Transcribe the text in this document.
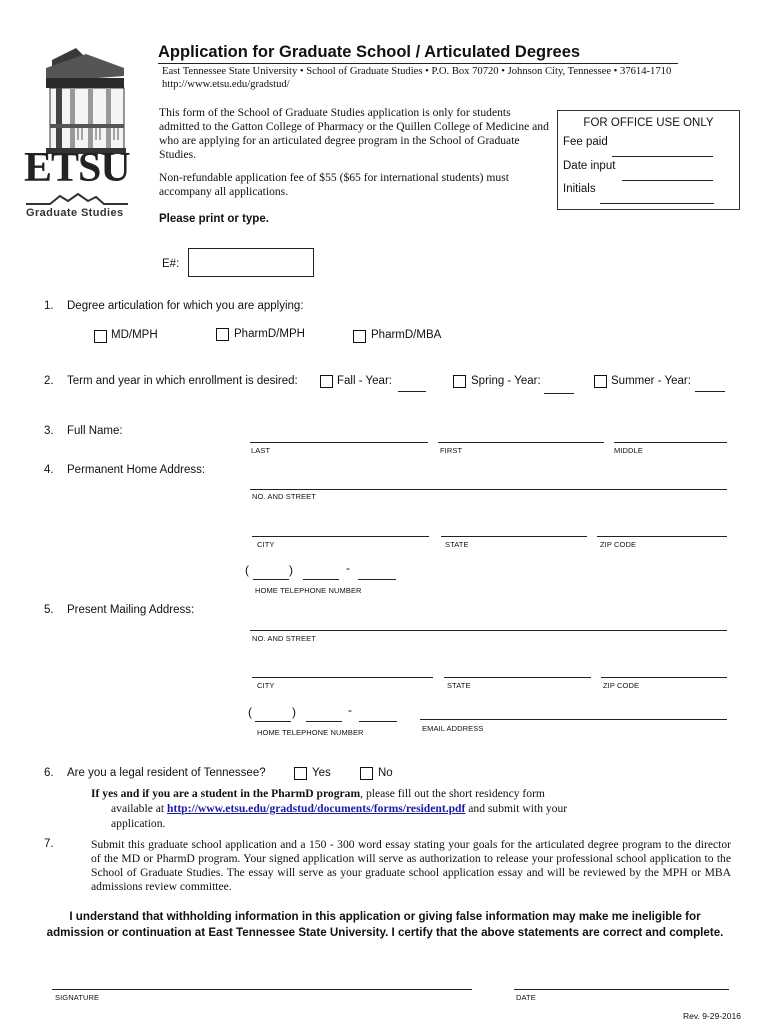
ETSU
Graduate Studies
Application for Graduate School / Articulated Degrees
East Tennessee State University • School of Graduate Studies • P.O. Box 70720 • Johnson City, Tennessee • 37614-1710
http://www.etsu.edu/gradstud/
This form of the School of Graduate Studies application is only for students admitted to the Gatton College of Pharmacy or the Quillen College of Medicine and who are applying for an articulated degree program in the School of Graduate Studies.
Non-refundable application fee of $55 ($65 for international students) must accompany all applications.
Please print or type.
FOR OFFICE USE ONLY
Fee paid
Date input
Initials
E#:
1. Degree articulation for which you are applying:
MD/MPH	PharmD/MPH	PharmD/MBA
2. Term and year in which enrollment is desired:	Fall - Year:	Spring - Year:	Summer - Year:
3. Full Name:
LAST	FIRST	MIDDLE
4. Permanent Home Address:
NO. AND STREET
CITY	STATE	ZIP CODE
(	)	-
HOME TELEPHONE NUMBER
5. Present Mailing Address:
NO. AND STREET
CITY	STATE	ZIP CODE
(	)	-
HOME TELEPHONE NUMBER	EMAIL ADDRESS
6. Are you a legal resident of Tennessee?	Yes	No
If yes and if you are a student in the PharmD program, please fill out the short residency form
available at http://www.etsu.edu/gradstud/documents/forms/resident.pdf and submit with your
application.
7.	Submit this graduate school application and a 150 - 300 word essay stating your goals for the articulated degree program to the director of the MD or PharmD program. Your signed application will serve as authorization to release your professional school application to the School of Graduate Studies. The essay will serve as your graduate school application essay and will be reviewed by the MPH or MBA admissions review committee.
I understand that withholding information in this application or giving false information may make me ineligible for
admission or continuation at East Tennessee State University. I certify that the above statements are correct and complete.
SIGNATURE	DATE
Rev. 9-29-2016
